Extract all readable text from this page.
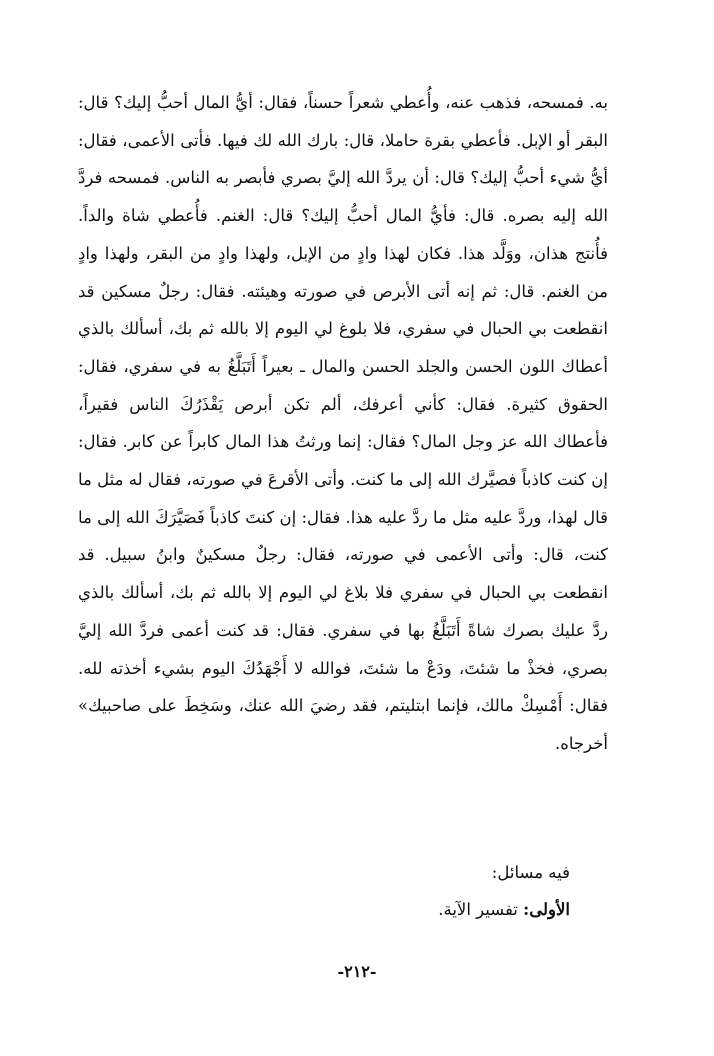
به. فمسحه، فذهب عنه، وأُعطي شعراً حسناً، فقال: أيُّ المال أحبُّ إليك؟ قال: البقر أو الإبل. فأعطي بقرة حاملا، قال: بارك الله لك فيها. فأتى الأعمى، فقال: أيُّ شيء أحبُّ إليك؟ قال: أن يردَّ الله إليَّ بصري فأبصر به الناس. فمسحه فردَّ الله إليه بصره. قال: فأيُّ المال أحبُّ إليك؟ قال: الغنم. فأُعطي شاة والداً. فأُنتج هذان، ووَلَّد هذا. فكان لهذا وادٍ من الإبل، ولهذا وادٍ من البقر، ولهذا وادٍ من الغنم. قال: ثم إنه أتى الأبرص في صورته وهيئته. فقال: رجلٌ مسكين قد انقطعت بي الحبال في سفري، فلا بلوغ لي اليوم إلا بالله ثم بك، أسألك بالذي أعطاك اللون الحسن والجلد الحسن والمال ـ بعيراً أَتَبَلَّغُ به في سفري، فقال: الحقوق كثيرة. فقال: كأني أعرفك، ألم تكن أبرص يَقْذَرُكَ الناس فقيراً، فأعطاك الله عز وجل المال؟ فقال: إنما ورثتُ هذا المال كابراً عن كابر. فقال: إن كنت كاذباً فصيَّرك الله إلى ما كنت. وأتى الأقرعَ في صورته، فقال له مثل ما قال لهذا، وردَّ عليه مثل ما ردَّ عليه هذا. فقال: إن كنتَ كاذباً فَصَيَّرَكَ الله إلى ما كنت، قال: وأتى الأعمى في صورته، فقال: رجلٌ مسكينٌ وابنُ سبيل. قد انقطعت بي الحبال في سفري فلا بلاغ لي اليوم إلا بالله ثم بك، أسألك بالذي ردَّ عليك بصرك شاةً أَتَبَلَّغُ بها في سفري. فقال: قد كنت أعمى فردَّ الله إليَّ بصري، فخذْ ما شئتَ، ودَعْ ما شئتَ، فوالله لا أَجْهَدُكَ اليوم بشيء أخذته لله. فقال: أَمْسِكْ مالك، فإنما ابتليتم، فقد رضيَ الله عنك، وسَخِطَ على صاحبيك» أخرجاه.

فيه مسائل:
الأولى: تفسير الآية.
-٢١٢-
